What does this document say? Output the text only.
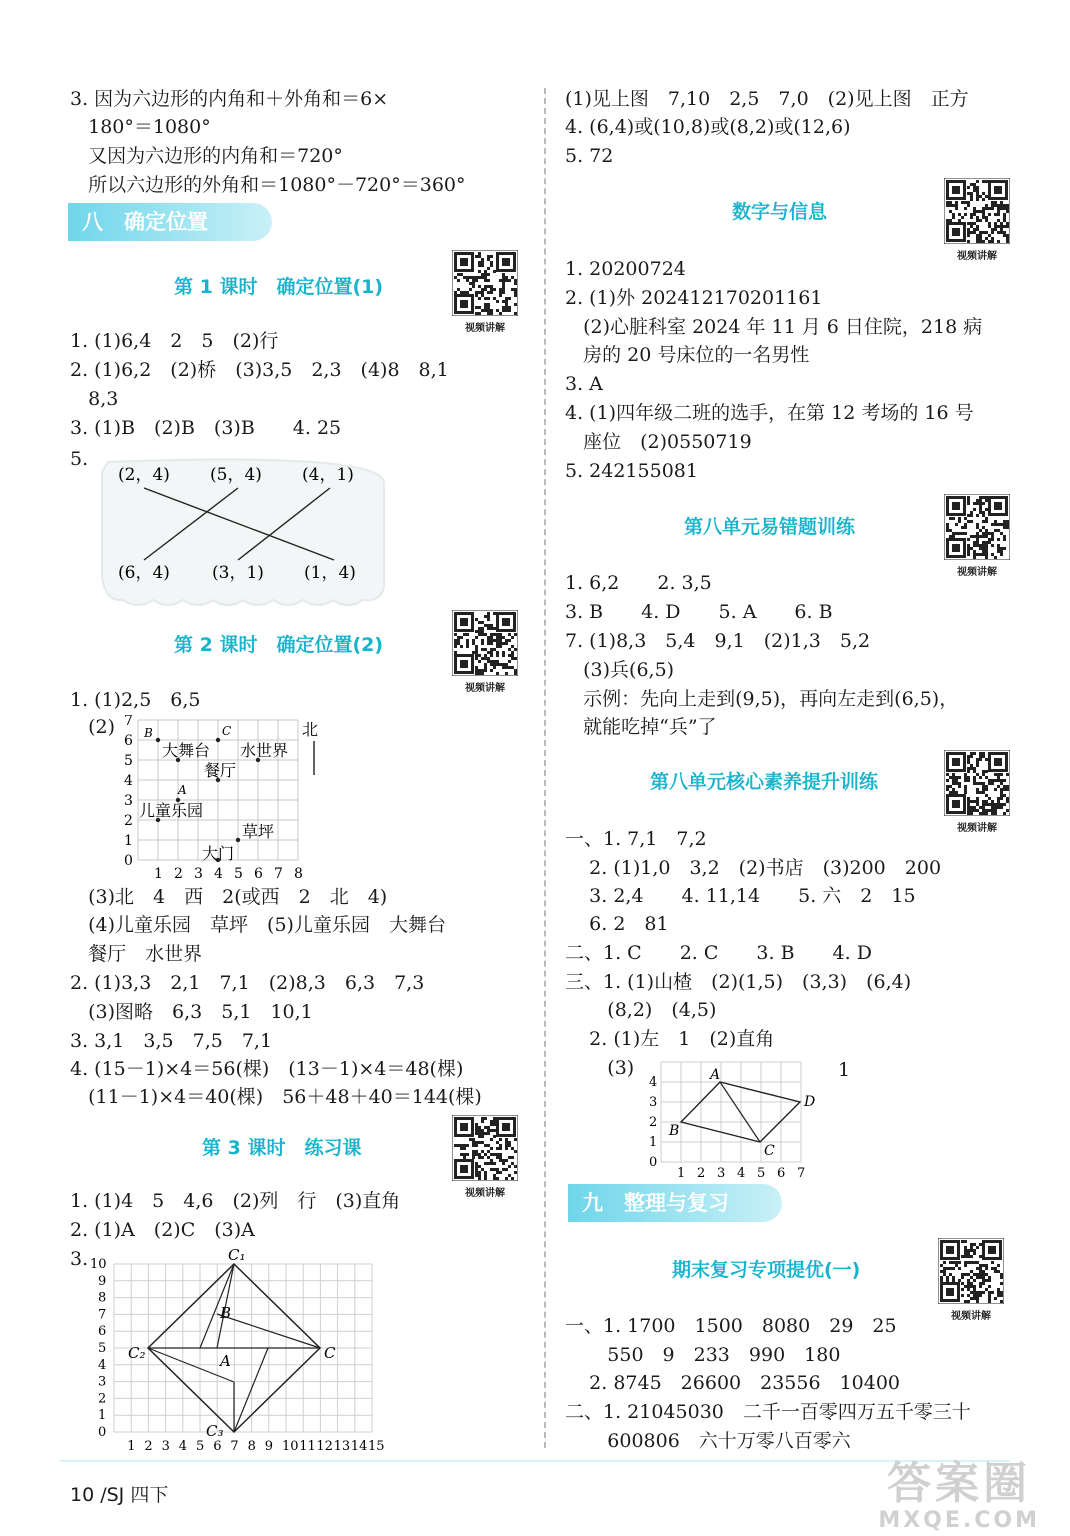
3. 因为六边形的内角和＋外角和＝6×
180°＝1080°
又因为六边形的内角和＝720°
所以六边形的外角和＝1080°－720°＝360°
八　确定位置
第 1 课时　确定位置(1)
视频讲解
1. (1)6,4　2　5　(2)行
2. (1)6,2　(2)桥　(3)3,5　2,3　(4)8　8,1
8,3
3. (1)B　(2)B　(3)B　　4. 25
5.
(2，4) (5，4) (4，1)
(6，4) (3，1) (1，4)
第 2 课时　确定位置(2)
视频讲解
1. (1)2,5　6,5
(2)
0
1
2
3
4
5
6
7
1 2 3 4 5 6 7 8
B	C
A
大舞台 水世界
餐厅
儿童乐园
草坪
大门
北
(3)北　4　西　2(或西　2　北　4)
(4)儿童乐园　草坪　(5)儿童乐园　大舞台
餐厅　水世界
2. (1)3,3　2,1　7,1　(2)8,3　6,3　7,3
(3)图略　6,3　5,1　10,1
3. 3,1　3,5　7,5　7,1
4. (15－1)×4＝56(棵)　(13－1)×4＝48(棵)
(11－1)×4＝40(棵)　56＋48＋40＝144(棵)
第 3 课时　练习课
视频讲解
1. (1)4　5　4,6　(2)列　行　(3)直角
2. (1)A　(2)C　(3)A
3.
0
1
2
3
4
5
6
7
8
9
10
1 2 3 4 5 6 7 8 9 10 11 12 13 14 15
C₁
B
C₂	C
A
C₃
(1)见上图　7,10　2,5　7,0　(2)见上图　正方
4. (6,4)或(10,8)或(8,2)或(12,6)
5. 72
数字与信息
视频讲解
1. 20200724
2. (1)外 202412170201161
(2)心脏科室 2024 年 11 月 6 日住院，218 病
房的 20 号床位的一名男性
3. A
4. (1)四年级二班的选手，在第 12 考场的 16 号
座位　(2)0550719
5. 242155081
第八单元易错题训练
视频讲解
1. 6,2　　2. 3,5
3. B　　4. D　　5. A　　6. B
7. (1)8,3　5,4　9,1　(2)1,3　5,2
(3)兵(6,5)
示例：先向上走到(9,5)，再向左走到(6,5)，
就能吃掉“兵”了
第八单元核心素养提升训练
视频讲解
一、1. 7,1　7,2
2. (1)1,0　3,2　(2)书店　(3)200　200
3. 2,4　　4. 11,14　　5. 六　2　15
6. 2　81
二、1. C　　2. C　　3. B　　4. D
三、1. (1)山楂　(2)(1,5)　(3,3)　(6,4)
(8,2)　(4,5)
2. (1)左　1　(2)直角
(3)	1
0
1
2
3
4
1 2 3 4 5 6 7
A
D
B
C
九　整理与复习
期末复习专项提优(一)
视频讲解
一、1. 1700　1500　8080　29　25
550　9　233　990　180
2. 8745　26600　23556　10400
二、1. 21045030　二千一百零四万五千零三十
600806　六十万零八百零六
10 /SJ 四下	答案圈
MXQE.COM
